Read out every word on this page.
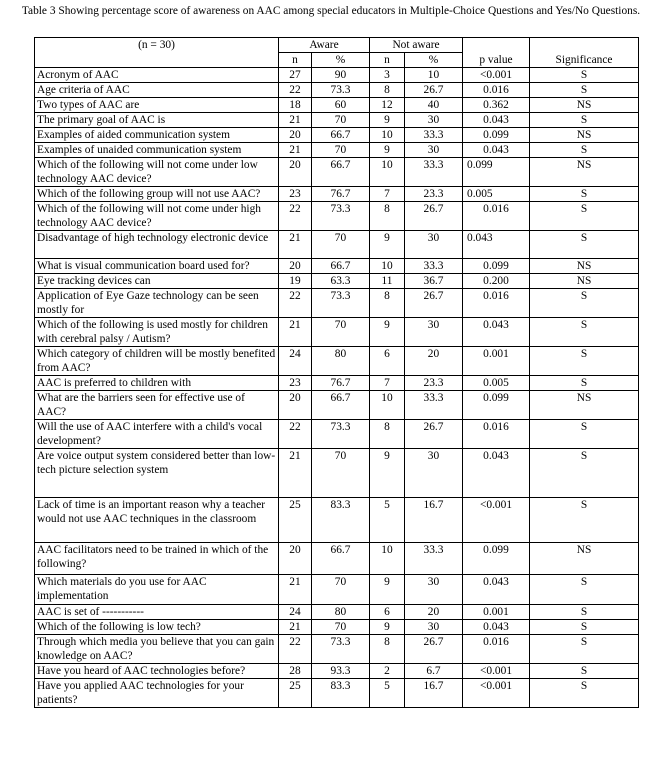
Table 3 Showing percentage score of awareness on AAC among special educators in Multiple-Choice Questions and Yes/No Questions.
(n = 30)	Aware		Not aware		p value	Significance
	n	%	n	%		
Acronym of AAC	27	90	3	10	<0.001	S
Age criteria of AAC	22	73.3	8	26.7	0.016	S
Two types of AAC are	18	60	12	40	0.362	NS
The primary goal of AAC is	21	70	9	30	0.043	S
Examples of aided communication system	20	66.7	10	33.3	0.099	NS
Examples of unaided communication system	21	70	9	30	0.043	S
Which of the following will not come under low technology AAC device?	20	66.7	10	33.3	0.099	NS
Which of the following group will not use AAC?	23	76.7	7	23.3	0.005	S
Which of the following will not come under high technology AAC device?	22	73.3	8	26.7	0.016	S
Disadvantage of high technology electronic device	21	70	9	30	0.043	S
What is visual communication board used for?	20	66.7	10	33.3	0.099	NS
Eye tracking devices can	19	63.3	11	36.7	0.200	NS
Application of Eye Gaze technology can be seen mostly for	22	73.3	8	26.7	0.016	S
Which of the following is used mostly for children with cerebral palsy / Autism?	21	70	9	30	0.043	S
Which category of children will be mostly benefited from AAC?	24	80	6	20	0.001	S
AAC is preferred to children with	23	76.7	7	23.3	0.005	S
What are the barriers seen for effective use of AAC?	20	66.7	10	33.3	0.099	NS
Will the use of AAC interfere with a child's vocal development?	22	73.3	8	26.7	0.016	S
Are voice output system considered better than low-tech picture selection system	21	70	9	30	0.043	S
Lack of time is an important reason why a teacher would not use AAC techniques in the classroom	25	83.3	5	16.7	<0.001	S
AAC facilitators need to be trained in which of the following?	20	66.7	10	33.3	0.099	NS
Which materials do you use for AAC implementation	21	70	9	30	0.043	S
AAC is set of -----------	24	80	6	20	0.001	S
Which of the following is low tech?	21	70	9	30	0.043	S
Through which media you believe that you can gain knowledge on AAC?	22	73.3	8	26.7	0.016	S
Have you heard of AAC technologies before?	28	93.3	2	6.7	<0.001	S
Have you applied AAC technologies for your patients?	25	83.3	5	16.7	<0.001	S
